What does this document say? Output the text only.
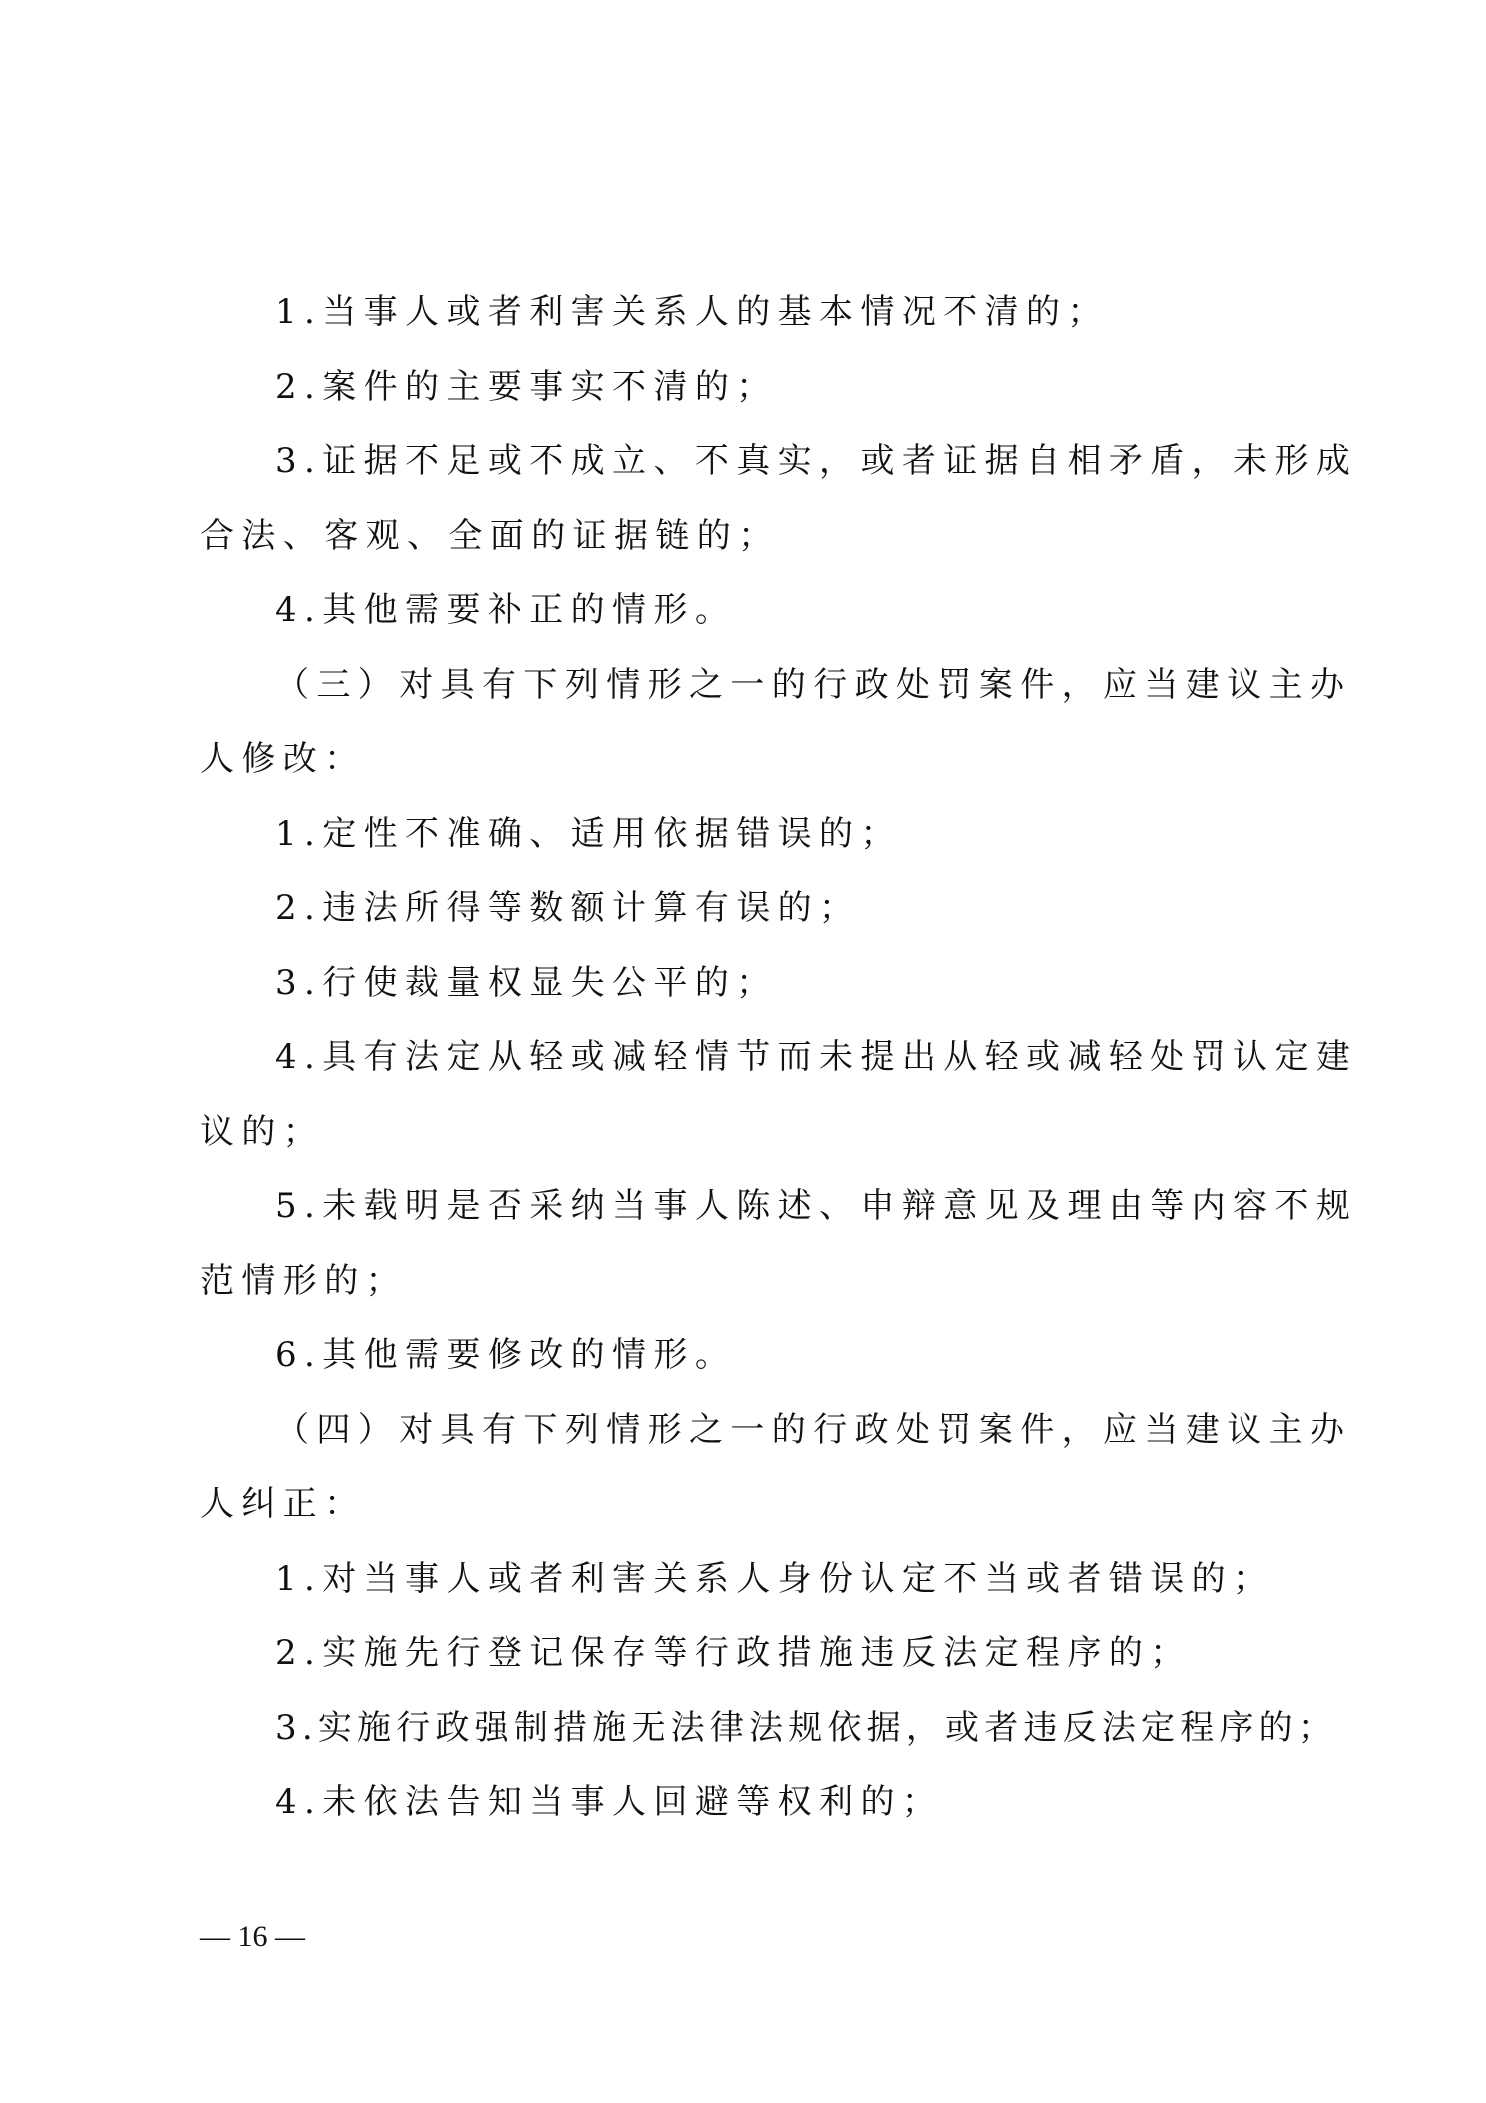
1.当事人或者利害关系人的基本情况不清的；
2.案件的主要事实不清的；
3.证据不足或不成立、不真实，或者证据自相矛盾，未形成
合法、客观、全面的证据链的；
4.其他需要补正的情形。
（三）对具有下列情形之一的行政处罚案件，应当建议主办
人修改：
1.定性不准确、适用依据错误的；
2.违法所得等数额计算有误的；
3.行使裁量权显失公平的；
4.具有法定从轻或减轻情节而未提出从轻或减轻处罚认定建
议的；
5.未载明是否采纳当事人陈述、申辩意见及理由等内容不规
范情形的；
6.其他需要修改的情形。
（四）对具有下列情形之一的行政处罚案件，应当建议主办
人纠正：
1.对当事人或者利害关系人身份认定不当或者错误的；
2.实施先行登记保存等行政措施违反法定程序的；
3.实施行政强制措施无法律法规依据，或者违反法定程序的；
4.未依法告知当事人回避等权利的；
— 16 —
